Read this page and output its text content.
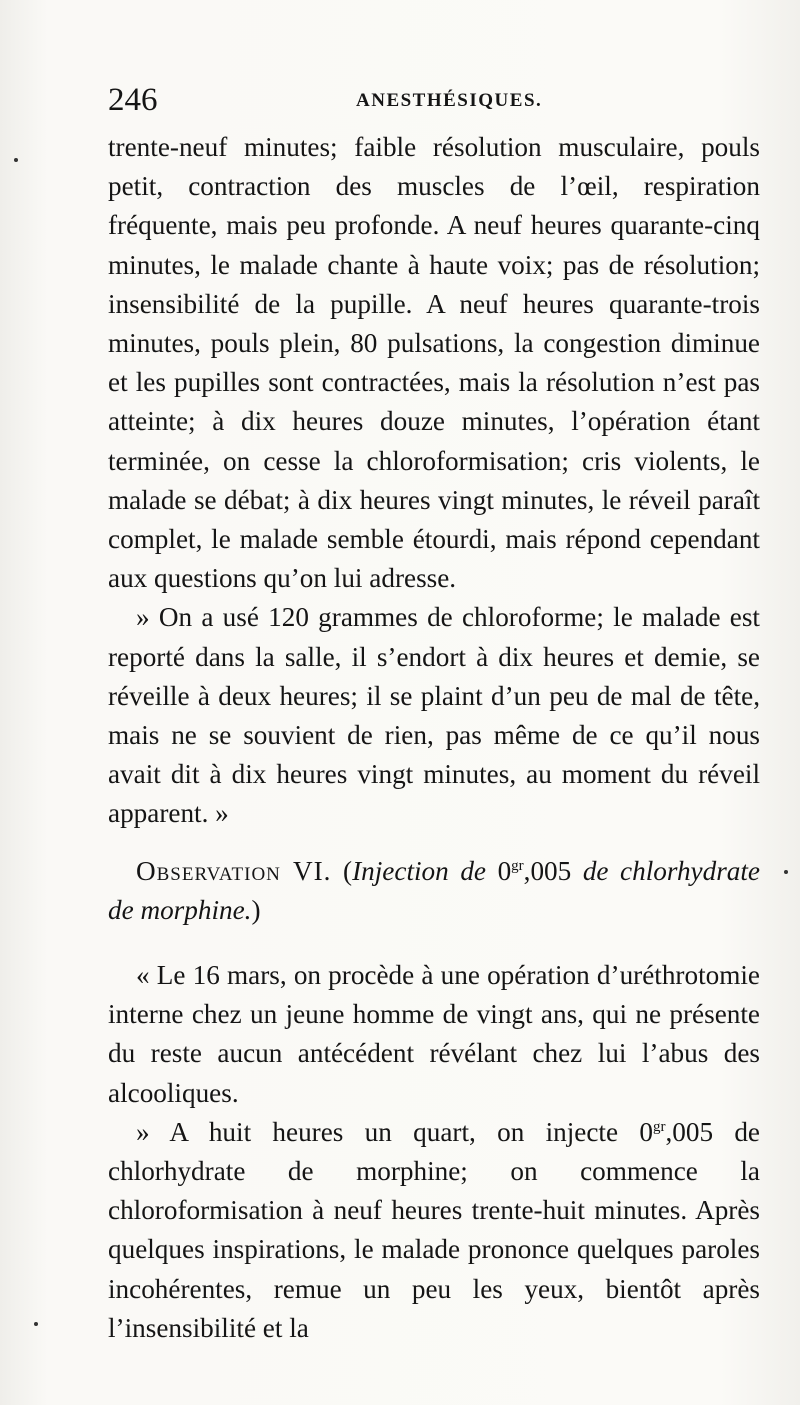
246	ANESTHÉSIQUES.

trente-neuf minutes; faible résolution musculaire, pouls petit, contraction des muscles de l’œil, respiration fréquente, mais peu profonde. A neuf heures quarante-cinq minutes, le malade chante à haute voix; pas de résolution; insensibilité de la pupille. A neuf heures quarante-trois minutes, pouls plein, 80 pulsations, la congestion diminue et les pupilles sont contractées, mais la résolution n’est pas atteinte; à dix heures douze minutes, l’opération étant terminée, on cesse la chloroformisation; cris violents, le malade se débat; à dix heures vingt minutes, le réveil paraît complet, le malade semble étourdi, mais répond cependant aux questions qu’on lui adresse.

» On a usé 120 grammes de chloroforme; le malade est reporté dans la salle, il s’endort à dix heures et demie, se réveille à deux heures; il se plaint d’un peu de mal de tête, mais ne se souvient de rien, pas même de ce qu’il nous avait dit à dix heures vingt minutes, au moment du réveil apparent. »

Observation VI. (Injection de $0^{gr},005$ de chlorhydrate de morphine.)

« Le 16 mars, on procède à une opération d’uréthrotomie interne chez un jeune homme de vingt ans, qui ne présente du reste aucun antécédent révélant chez lui l’abus des alcooliques.

» A huit heures un quart, on injecte $0^{gr},005$ de chlorhydrate de morphine; on commence la chloroformisation à neuf heures trente-huit minutes. Après quelques inspirations, le malade prononce quelques paroles incohérentes, remue un peu les yeux, bientôt après l’insensibilité et la
